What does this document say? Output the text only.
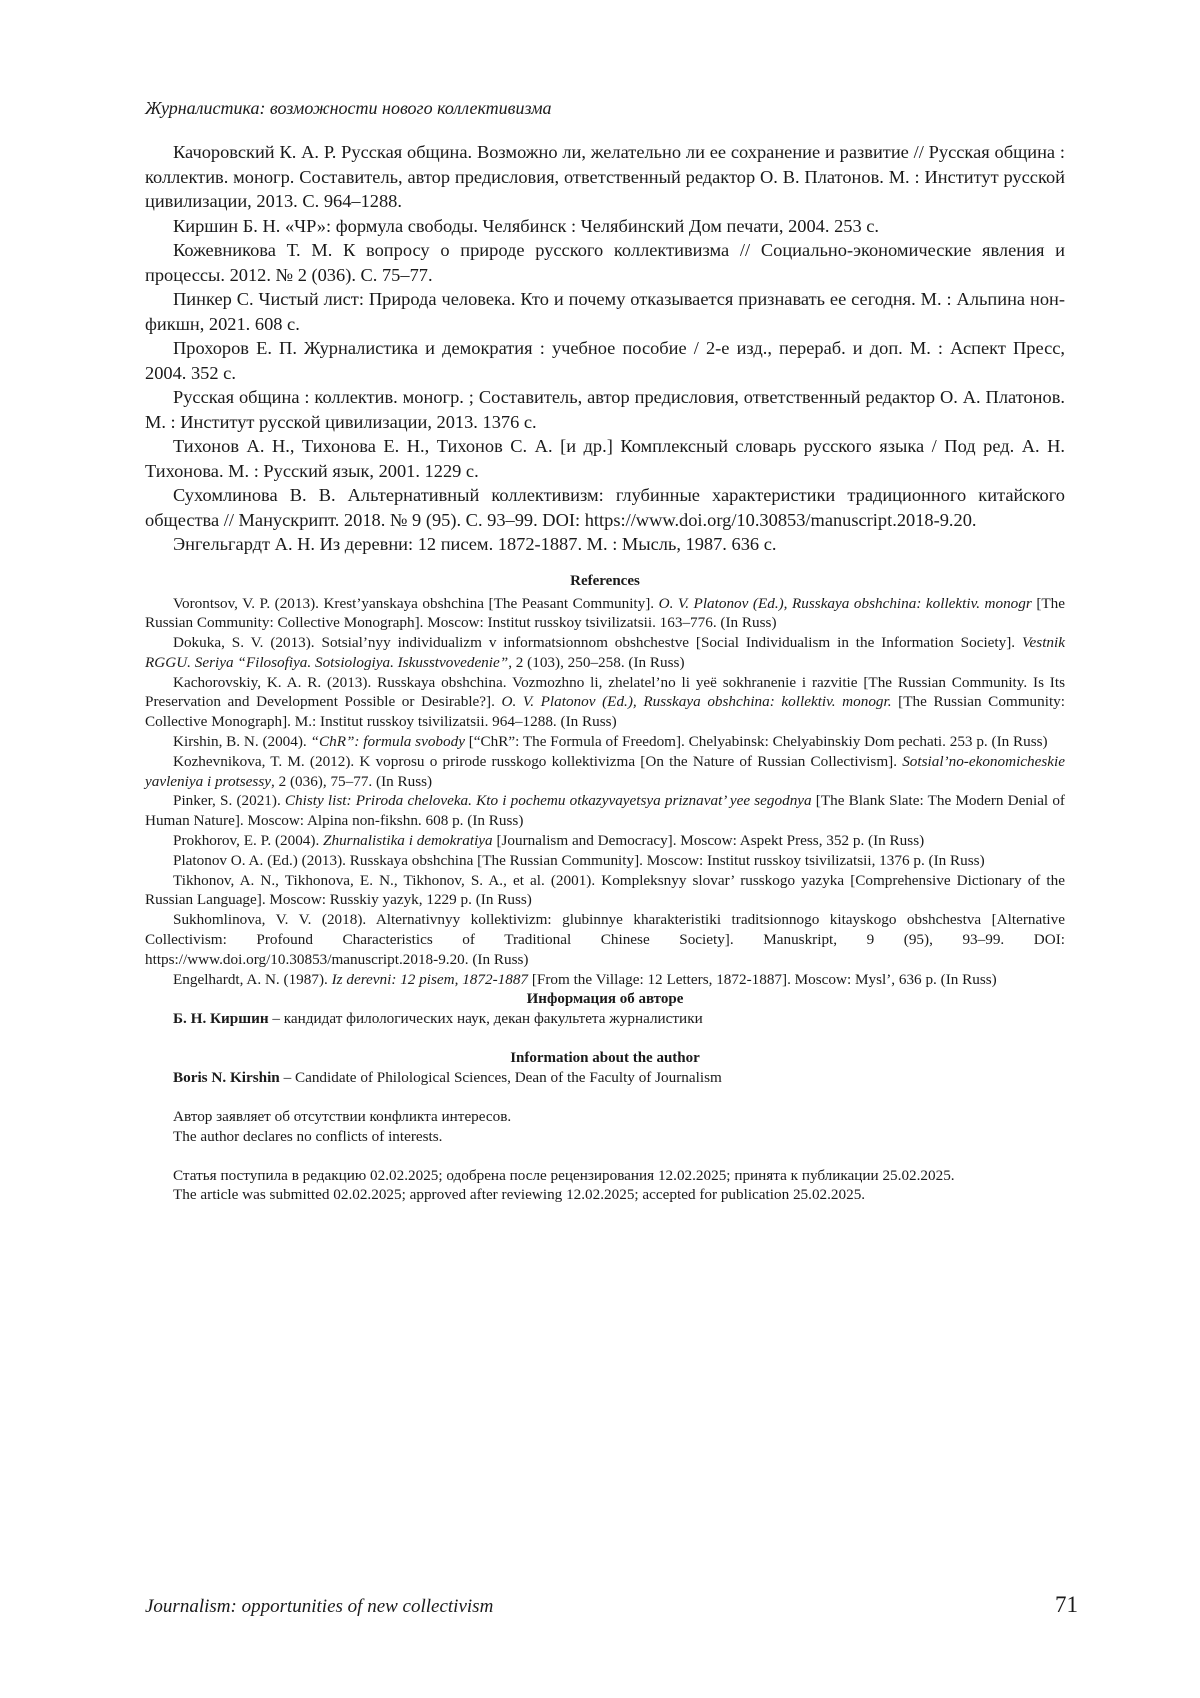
Журналистика: возможности нового коллективизма

Качоровский К. А. Р. Русская община. Возможно ли, желательно ли ее сохранение и развитие // Русская община : коллектив. моногр. Составитель, автор предисловия, ответственный редактор О. В. Платонов. М. : Институт русской цивилизации, 2013. С. 964–1288.

Киршин Б. Н. «ЧР»: формула свободы. Челябинск : Челябинский Дом печати, 2004. 253 с.

Кожевникова Т. М. К вопросу о природе русского коллективизма // Социально-экономические явления и процессы. 2012. № 2 (036). С. 75–77.

Пинкер С. Чистый лист: Природа человека. Кто и почему отказывается признавать ее сегодня. М. : Альпина нон-фикшн, 2021. 608 с.

Прохоров Е. П. Журналистика и демократия : учебное пособие / 2-е изд., перераб. и доп. М. : Аспект Пресс, 2004. 352 с.

Русская община : коллектив. моногр. ; Составитель, автор предисловия, ответственный редактор О. А. Платонов. М. : Институт русской цивилизации, 2013. 1376 с.

Тихонов А. Н., Тихонова Е. Н., Тихонов С. А. [и др.] Комплексный словарь русского языка / Под ред. А. Н. Тихонова. М. : Русский язык, 2001. 1229 с.

Сухомлинова В. В. Альтернативный коллективизм: глубинные характеристики традиционного китайского общества // Манускрипт. 2018. № 9 (95). С. 93–99. DOI: https://www.doi.org/10.30853/manuscript.2018-9.20.

Энгельгардт А. Н. Из деревни: 12 писем. 1872-1887. М. : Мысль, 1987. 636 с.

References

Vorontsov, V. P. (2013). Krest’yanskaya obshchina [The Peasant Community]. O. V. Platonov (Ed.), Russkaya obshchina: kollektiv. monogr [The Russian Community: Collective Monograph]. Moscow: Institut russkoy tsivilizatsii. 163–776. (In Russ)

Dokuka, S. V. (2013). Sotsial’nyy individualizm v informatsionnom obshchestve [Social Individualism in the Information Society]. Vestnik RGGU. Seriya “Filosofiya. Sotsiologiya. Iskusstvovedenie”, 2 (103), 250–258. (In Russ)

Kachorovskiy, K. A. R. (2013). Russkaya obshchina. Vozmozhno li, zhelatel’no li yeё sokhranenie i razvitie [The Russian Community. Is Its Preservation and Development Possible or Desirable?]. O. V. Platonov (Ed.), Russkaya obshchina: kollektiv. monogr. [The Russian Community: Collective Monograph]. M.: Institut russkoy tsivilizatsii. 964–1288. (In Russ)

Kirshin, B. N. (2004). “ChR”: formula svobody [“ChR”: The Formula of Freedom]. Chelyabinsk: Chelyabinskiy Dom pechati. 253 p. (In Russ)

Kozhevnikova, T. M. (2012). K voprosu o prirode russkogo kollektivizma [On the Nature of Russian Collectivism]. Sotsial’no-ekonomicheskie yavleniya i protsessy, 2 (036), 75–77. (In Russ)

Pinker, S. (2021). Chisty list: Priroda cheloveka. Kto i pochemu otkazyvayetsya priznavat’ yee segodnya [The Blank Slate: The Modern Denial of Human Nature]. Moscow: Alpina non-fikshn. 608 p. (In Russ)

Prokhorov, E. P. (2004). Zhurnalistika i demokratiya [Journalism and Democracy]. Moscow: Aspekt Press, 352 p. (In Russ)

Platonov O. A. (Ed.) (2013). Russkaya obshchina [The Russian Community]. Moscow: Institut russkoy tsivilizatsii, 1376 p. (In Russ)

Tikhonov, A. N., Tikhonova, E. N., Tikhonov, S. A., et al. (2001). Kompleksnyy slovar’ russkogo yazyka [Comprehensive Dictionary of the Russian Language]. Moscow: Russkiy yazyk, 1229 p. (In Russ)

Sukhomlinova, V. V. (2018). Alternativnyy kollektivizm: glubinnye kharakteristiki traditsionnogo kitayskogo obshchestva [Alternative Collectivism: Profound Characteristics of Traditional Chinese Society]. Manuskript, 9 (95), 93–99. DOI: https://www.doi.org/10.30853/manuscript.2018-9.20. (In Russ)

Engelhardt, A. N. (1987). Iz derevni: 12 pisem, 1872-1887 [From the Village: 12 Letters, 1872-1887]. Moscow: Mysl’, 636 p. (In Russ)

Информация об авторе

Б. Н. Киршин – кандидат филологических наук, декан факультета журналистики

Information about the author

Boris N. Kirshin – Candidate of Philological Sciences, Dean of the Faculty of Journalism

Автор заявляет об отсутствии конфликта интересов.

The author declares no conflicts of interests.

Статья поступила в редакцию 02.02.2025; одобрена после рецензирования 12.02.2025; принята к публикации 25.02.2025.

The article was submitted 02.02.2025; approved after reviewing 12.02.2025; accepted for publication 25.02.2025.

Journalism: opportunities of new collectivism	71
